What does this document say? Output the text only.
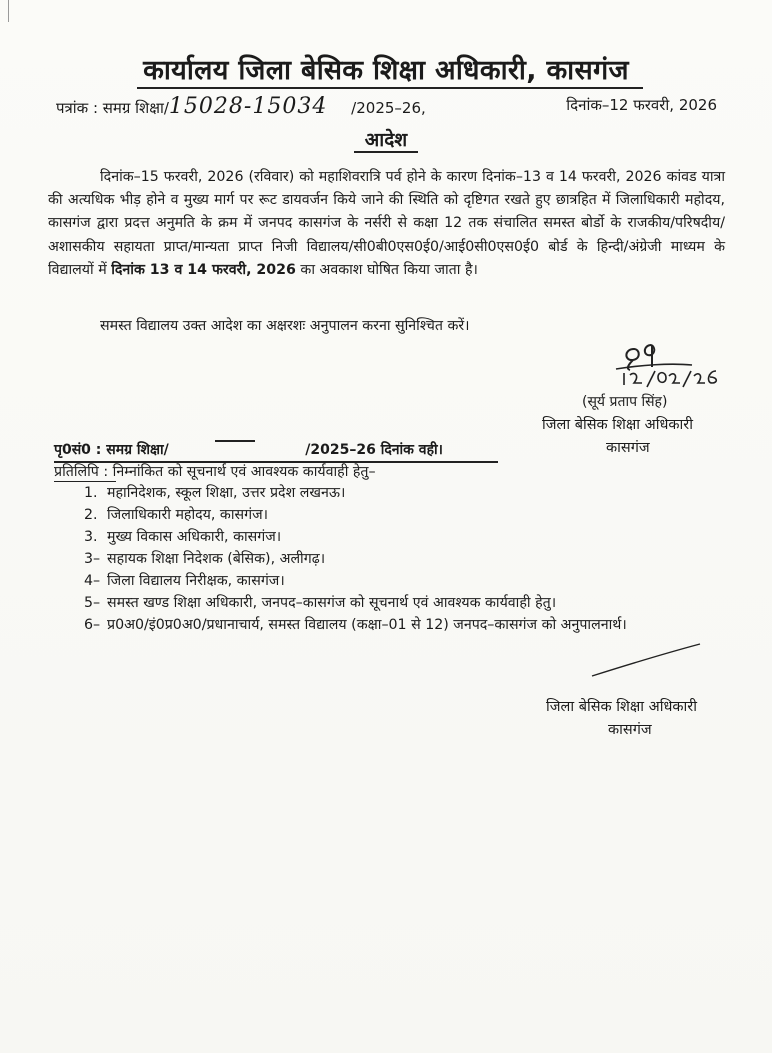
कार्यालय जिला बेसिक शिक्षा अधिकारी, कासगंज
पत्रांक : समग्र शिक्षा/15028-15034 /2025–26,	दिनांक–12 फरवरी, 2026
आदेश

दिनांक–15 फरवरी, 2026 (रविवार) को महाशिवरात्रि पर्व होने के कारण दिनांक–13 व 14 फरवरी, 2026 कांवड यात्रा की अत्यधिक भीड़ होने व मुख्य मार्ग पर रूट डायवर्जन किये जाने की स्थिति को दृष्टिगत रखते हुए छात्रहित में जिलाधिकारी महोदय, कासगंज द्वारा प्रदत्त अनुमति के क्रम में जनपद कासगंज के नर्सरी से कक्षा 12 तक संचालित समस्त बोर्डो के राजकीय/परिषदीय/अशासकीय सहायता प्राप्त/मान्यता प्राप्त निजी विद्यालय/सी0बी0एस0ई0/आई0सी0एस0ई0 बोर्ड के हिन्दी/अंग्रेजी माध्यम के विद्यालयों में दिनांक 13 व 14 फरवरी, 2026 का अवकाश घोषित किया जाता है।

समस्त विद्यालय उक्त आदेश का अक्षरशः अनुपालन करना सुनिश्चित करें।

(सूर्य प्रताप सिंह)
जिला बेसिक शिक्षा अधिकारी
कासगंज
पृ0सं0 : समग्र शिक्षा/	/2025–26 दिनांक वही।
प्रतिलिपि : निम्नांकित को सूचनार्थ एवं आवश्यक कार्यवाही हेतु–
1. महानिदेशक, स्कूल शिक्षा, उत्तर प्रदेश लखनऊ।
2. जिलाधिकारी महोदय, कासगंज।
3. मुख्य विकास अधिकारी, कासगंज।
3– सहायक शिक्षा निदेशक (बेसिक), अलीगढ़।
4– जिला विद्यालय निरीक्षक, कासगंज।
5– समस्त खण्ड शिक्षा अधिकारी, जनपद–कासगंज को सूचनार्थ एवं आवश्यक कार्यवाही हेतु।
6– प्र0अ0/इं0प्र0अ0/प्रधानाचार्य, समस्त विद्यालय (कक्षा–01 से 12) जनपद–कासगंज को अनुपालनार्थ।
जिला बेसिक शिक्षा अधिकारी
कासगंज
